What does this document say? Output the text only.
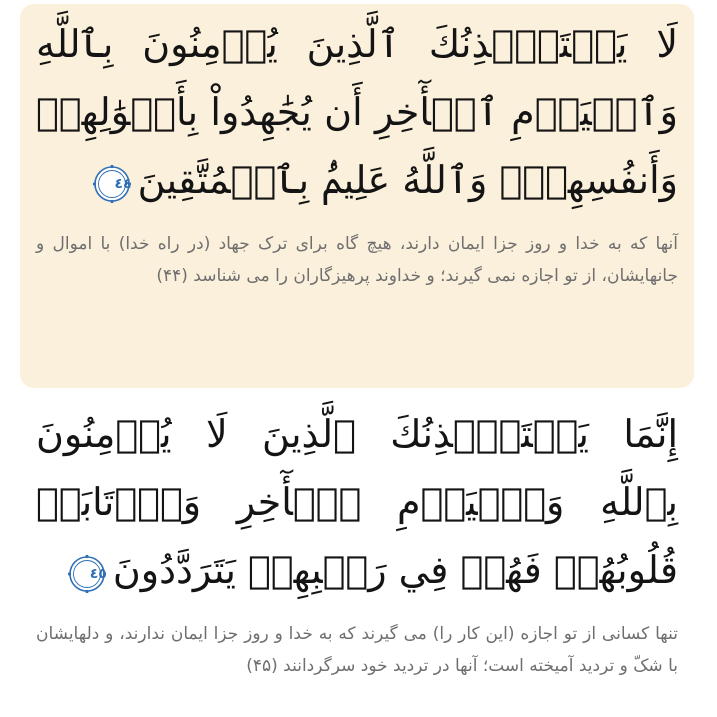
لَا يَسۡتَـٔۡذِنُكَ ٱلَّذِينَ يُؤۡمِنُونَ بِٱللَّهِ وَٱلۡيَوۡمِ ٱلۡأٓخِرِ أَن يُجَٰهِدُواْ بِأَمۡوَٰلِهِمۡ وَأَنفُسِهِمۡۗ وَٱللَّهُ عَلِيمُۢ بِٱلۡمُتَّقِينَ
٤٤

آنها که به خدا و روز جزا ایمان دارند، هیچ گاه برای ترک جهاد (در راه خدا) با اموال و جانهایشان، از تو اجازه نمی گیرند؛ و خداوند پرهیزگاران را می شناسد (۴۴)

إِنَّمَا يَسۡتَـٔۡذِنُكَ ٱلَّذِينَ لَا يُؤۡمِنُونَ بِٱللَّهِ وَٱلۡيَوۡمِ ٱلۡأٓخِرِ وَٱرۡتَابَتۡ قُلُوبُهُمۡ فَهُمۡ فِي رَيۡبِهِمۡ يَتَرَدَّدُونَ
٤٥

تنها کسانی از تو اجازه (این کار را) می گیرند که به خدا و روز جزا ایمان ندارند، و دلهایشان با شکّ و تردید آمیخته است؛ آنها در تردید خود سرگردانند (۴۵)
